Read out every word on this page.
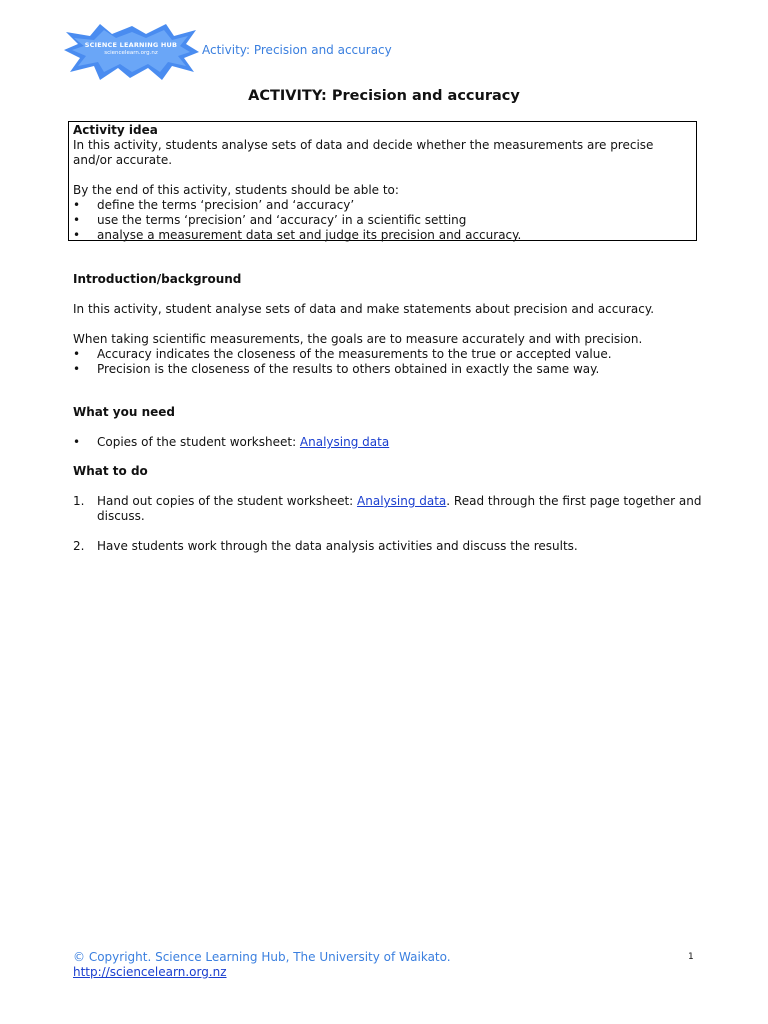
SCIENCE LEARNING HUB
sciencelearn.org.nz	Activity: Precision and accuracy
ACTIVITY: Precision and accuracy

Activity idea

In this activity, students analyse sets of data and decide whether the measurements are precise and/or accurate.

By the end of this activity, students should be able to:

• define the terms ‘precision’ and ‘accuracy’
• use the terms ‘precision’ and ‘accuracy’ in a scientific setting
• analyse a measurement data set and judge its precision and accuracy.

Introduction/background

In this activity, student analyse sets of data and make statements about precision and accuracy.

When taking scientific measurements, the goals are to measure accurately and with precision.

• Accuracy indicates the closeness of the measurements to the true or accepted value.
• Precision is the closeness of the results to others obtained in exactly the same way.

What you need

• Copies of the student worksheet: Analysing data

What to do

1. Hand out copies of the student worksheet: Analysing data. Read through the first page together and discuss.
2. Have students work through the data analysis activities and discuss the results.
© Copyright. Science Learning Hub, The University of Waikato.
http://sciencelearn.org.nz
1
